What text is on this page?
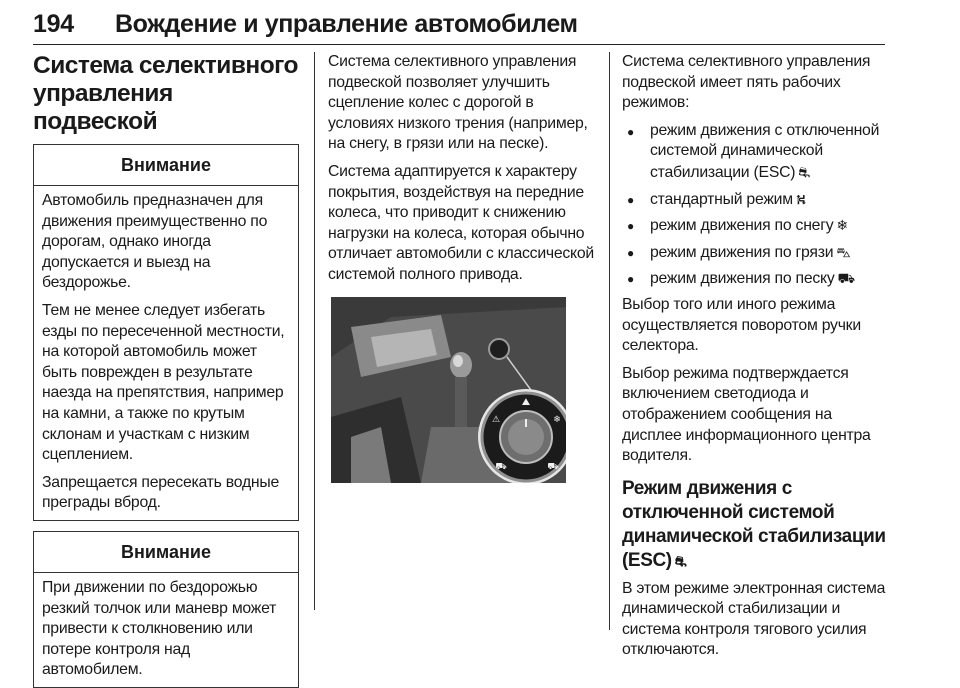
194 Вождение и управление автомобилем
Система селективного
управления подвеской
Внимание

Автомобиль предназначен для движения преимущественно по дорогам, однако иногда допускается и выезд на бездорожье.

Тем не менее следует избегать езды по пересеченной местности, на которой автомобиль может быть поврежден в результате наезда на препятствия, например на камни, а также по крутым склонам и участкам с низким сцеплением.

Запрещается пересекать водные преграды вброд.

Внимание

При движении по бездорожью резкий толчок или маневр может привести к столкновению или потере контроля над автомобилем.

Система селективного управления подвеской позволяет улучшить сцепление колес с дорогой в условиях низкого трения (например, на снегу, в грязи или на песке).

Система адаптируется к характеру покрытия, воздействуя на передние колеса, что приводит к снижению нагрузки на колеса, которая обычно отличает автомобили с классической системой полного привода.

⛰
⚠	❄
⛟	⛟

Система селективного управления подвеской имеет пять рабочих режимов:

● режим движения с отключенной системой динамической стабилизации (ESC) ⛐
● стандартный режим ⛕
● режим движения по снегу ❄
● режим движения по грязи ⛍
● режим движения по песку ⛟

Выбор того или иного режима осуществляется поворотом ручки селектора.

Выбор режима подтверждается включением светодиода и отображением сообщения на дисплее информационного центра водителя.

Режим движения с отключенной системой динамической стабилизации (ESC) ⛐

В этом режиме электронная система динамической стабилизации и система контроля тягового усилия отключаются.
